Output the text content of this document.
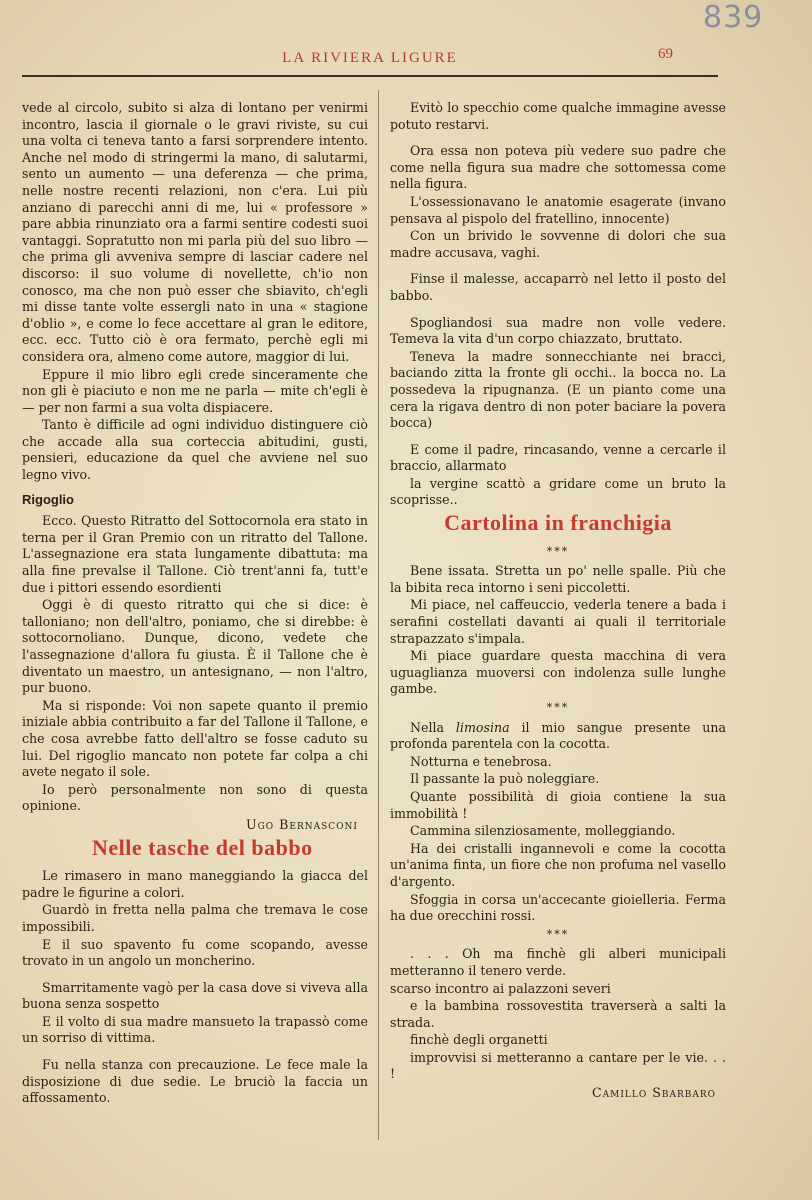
839
LA RIVIERA LIGURE	69

vede al circolo, subito si alza di lontano per venirmi incontro, lascia il giornale o le gravi riviste, su cui una volta ci teneva tanto a farsi sorprendere intento. Anche nel modo di stringermi la mano, di salutarmi, sento un aumento — una deferenza — che prima, nelle nostre recenti relazioni, non c'era. Lui più anziano di parecchi anni di me, lui « professore » pare abbia rinunziato ora a farmi sentire codesti suoi vantaggi. Sopratutto non mi parla più del suo libro — che prima gli avveniva sempre di lasciar cadere nel discorso: il suo volume di novellette, ch'io non conosco, ma che non può esser che sbiavito, ch'egli mi disse tante volte essergli nato in una « stagione d'oblio », e come lo fece accettare al gran le editore, ecc. ecc. Tutto ciò è ora fermato, perchè egli mi considera ora, almeno come autore, maggior di lui.

Eppure il mio libro egli crede sinceramente che non gli è piaciuto e non me ne parla — mite ch'egli è — per non farmi a sua volta dispiacere.

Tanto è difficile ad ogni individuo distinguere ciò che accade alla sua corteccia abitudini, gusti, pensieri, educazione da quel che avviene nel suo legno vivo.

Rigoglio

Ecco. Questo Ritratto del Sottocornola era stato in terna per il Gran Premio con un ritratto del Tallone. L'assegnazione era stata lungamente dibattuta: ma alla fine prevalse il Tallone. Ciò trent'anni fa, tutt'e due i pittori essendo esordienti

Oggi è di questo ritratto qui che si dice: è talloniano; non dell'altro, poniamo, che si direbbe: è sottocornoliano. Dunque, dicono, vedete che l'assegnazione d'allora fu giusta. È il Tallone che è diventato un maestro, un antesignano, — non l'altro, pur buono.

Ma si risponde: Voi non sapete quanto il premio iniziale abbia contribuito a far del Tallone il Tallone, e che cosa avrebbe fatto dell'altro se fosse caduto su lui. Del rigoglio mancato non potete far colpa a chi avete negato il sole.

Io però personalmente non sono di questa opinione.

Ugo Bernasconi
Nelle tasche del babbo

Le rimasero in mano maneggiando la giacca del padre le figurine a colori.

Guardò in fretta nella palma che tremava le cose impossibili.

E il suo spavento fu come scopando, avesse trovato in un angolo un moncherino.

Smarritamente vagò per la casa dove si viveva alla buona senza sospetto

E il volto di sua madre mansueto la trapassò come un sorriso di vittima.

Fu nella stanza con precauzione. Le fece male la disposizione di due sedie. Le bruciò la faccia un affossamento.

Evitò lo specchio come qualche immagine avesse potuto restarvi.

Ora essa non poteva più vedere suo padre che come nella figura sua madre che sottomessa come nella figura.

L'ossessionavano le anatomie esagerate (invano pensava al pispolo del fratellino, innocente)

Con un brivido le sovvenne di dolori che sua madre accusava, vaghi.

Finse il malesse, accaparrò nel letto il posto del babbo.

Spogliandosi sua madre non volle vedere. Temeva la vita d'un corpo chiazzato, bruttato.

Teneva la madre sonnecchiante nei bracci, baciando zitta la fronte gli occhi.. la bocca no. La possedeva la ripugnanza. (E un pianto come una cera la rigava dentro di non poter baciare la povera bocca)

E come il padre, rincasando, venne a cercarle il braccio, allarmato

la vergine scattò a gridare come un bruto la scoprisse..

Cartolina in franchigia
***

Bene issata. Stretta un po' nelle spalle. Più che la bibita reca intorno i seni piccoletti.

Mi piace, nel caffeuccio, vederla tenere a bada i serafini costellati davanti ai quali il territoriale strapazzato s'impala.

Mi piace guardare questa macchina di vera uguaglianza muoversi con indolenza sulle lunghe gambe.

***

Nella limosina il mio sangue presente una profonda parentela con la cocotta.

Notturna e tenebrosa.

Il passante la può noleggiare.

Quante possibilità di gioia contiene la sua immobilità !

Cammina silenziosamente, molleggiando.

Ha dei cristalli ingannevoli e come la cocotta un'anima finta, un fiore che non profuma nel vasello d'argento.

Sfoggia in corsa un'accecante gioielleria. Ferma ha due orecchini rossi.

***

. . . Oh ma finchè gli alberi municipali metteranno il tenero verde.

scarso incontro ai palazzoni severi

e la bambina rossovestita traverserà a salti la strada.

finchè degli organetti

improvvisi si metteranno a cantare per le vie. . . !

Camillo Sbarbaro
